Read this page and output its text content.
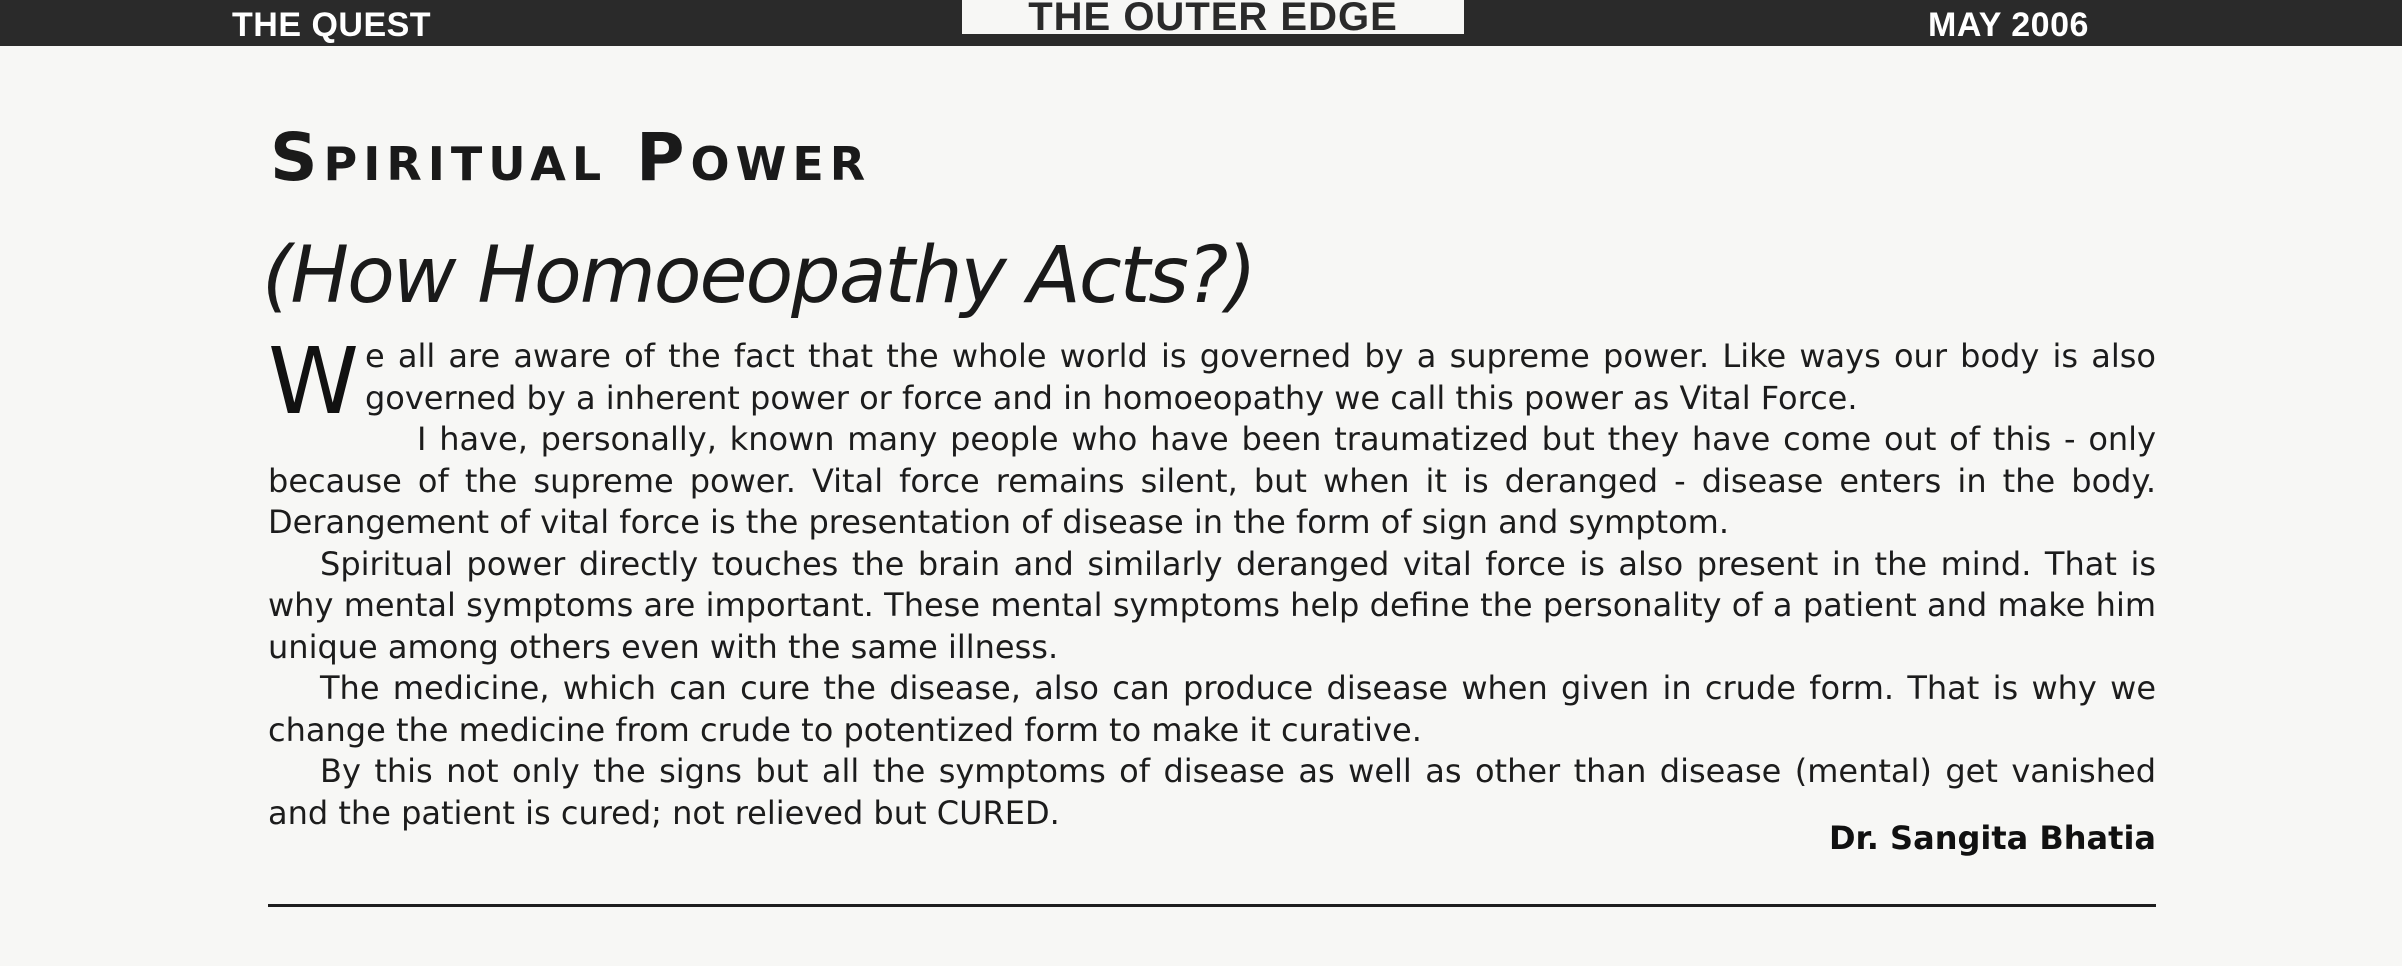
THE QUEST	THE OUTER EDGE	MAY 2006
Spiritual Power
(How Homoeopathy Acts?)

W e all are aware of the fact that the whole world is governed by a supreme power. Like ways our body is also governed by a inherent power or force and in homoeopathy we call this power as Vital Force.

I have, personally, known many people who have been traumatized but they have come out of this - only because of the supreme power. Vital force remains silent, but when it is deranged - disease enters in the body. Derangement of vital force is the presentation of disease in the form of sign and symptom.

Spiritual power directly touches the brain and similarly deranged vital force is also present in the mind. That is why mental symptoms are important. These mental symptoms help define the personality of a patient and make him unique among others even with the same illness.

The medicine, which can cure the disease, also can produce disease when given in crude form. That is why we change the medicine from crude to potentized form to make it curative.

By this not only the signs but all the symptoms of disease as well as other than disease (mental) get vanished and the patient is cured; not relieved but CURED.

Dr. Sangita Bhatia
